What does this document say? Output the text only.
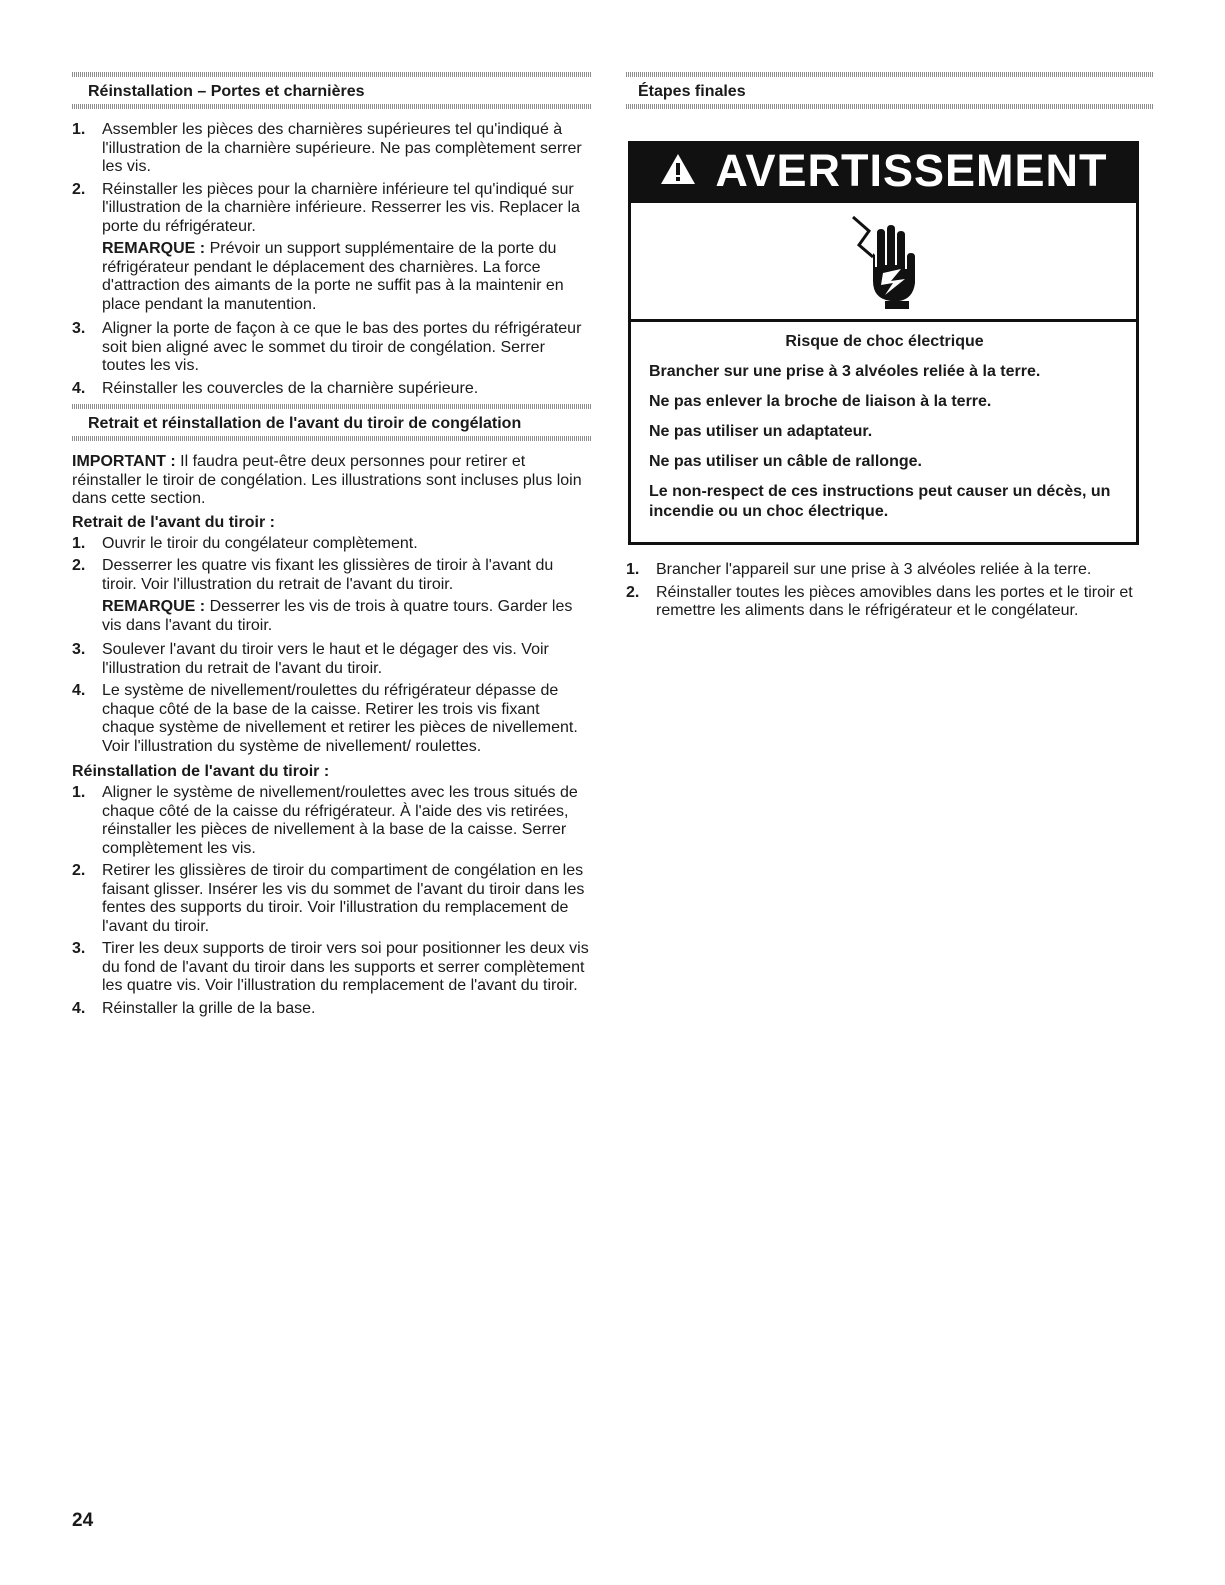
Réinstallation – Portes et charnières
1. Assembler les pièces des charnières supérieures tel qu'indiqué à l'illustration de la charnière supérieure. Ne pas complètement serrer les vis.
2. Réinstaller les pièces pour la charnière inférieure tel qu'indiqué sur l'illustration de la charnière inférieure. Resserrer les vis. Replacer la porte du réfrigérateur.
REMARQUE : Prévoir un support supplémentaire de la porte du réfrigérateur pendant le déplacement des charnières. La force d'attraction des aimants de la porte ne suffit pas à la maintenir en place pendant la manutention.
3. Aligner la porte de façon à ce que le bas des portes du réfrigérateur soit bien aligné avec le sommet du tiroir de congélation. Serrer toutes les vis.
4. Réinstaller les couvercles de la charnière supérieure.
Retrait et réinstallation de l'avant du tiroir de congélation

IMPORTANT : Il faudra peut-être deux personnes pour retirer et réinstaller le tiroir de congélation. Les illustrations sont incluses plus loin dans cette section.

Retrait de l'avant du tiroir :
1. Ouvrir le tiroir du congélateur complètement.
2. Desserrer les quatre vis fixant les glissières de tiroir à l'avant du tiroir. Voir l'illustration du retrait de l'avant du tiroir.
REMARQUE : Desserrer les vis de trois à quatre tours. Garder les vis dans l'avant du tiroir.
3. Soulever l'avant du tiroir vers le haut et le dégager des vis. Voir l'illustration du retrait de l'avant du tiroir.
4. Le système de nivellement/roulettes du réfrigérateur dépasse de chaque côté de la base de la caisse. Retirer les trois vis fixant chaque système de nivellement et retirer les pièces de nivellement. Voir l'illustration du système de nivellement/ roulettes.
Réinstallation de l'avant du tiroir :
1. Aligner le système de nivellement/roulettes avec les trous situés de chaque côté de la caisse du réfrigérateur. À l'aide des vis retirées, réinstaller les pièces de nivellement à la base de la caisse. Serrer complètement les vis.
2. Retirer les glissières de tiroir du compartiment de congélation en les faisant glisser. Insérer les vis du sommet de l'avant du tiroir dans les fentes des supports du tiroir. Voir l'illustration du remplacement de l'avant du tiroir.
3. Tirer les deux supports de tiroir vers soi pour positionner les deux vis du fond de l'avant du tiroir dans les supports et serrer complètement les quatre vis. Voir l'illustration du remplacement de l'avant du tiroir.
4. Réinstaller la grille de la base.
Étapes finales
AVERTISSEMENT
Risque de choc électrique
Brancher sur une prise à 3 alvéoles reliée à la terre.
Ne pas enlever la broche de liaison à la terre.
Ne pas utiliser un adaptateur.
Ne pas utiliser un câble de rallonge.
Le non-respect de ces instructions peut causer un décès, un incendie ou un choc électrique.
1. Brancher l'appareil sur une prise à 3 alvéoles reliée à la terre.
2. Réinstaller toutes les pièces amovibles dans les portes et le tiroir et remettre les aliments dans le réfrigérateur et le congélateur.
24
